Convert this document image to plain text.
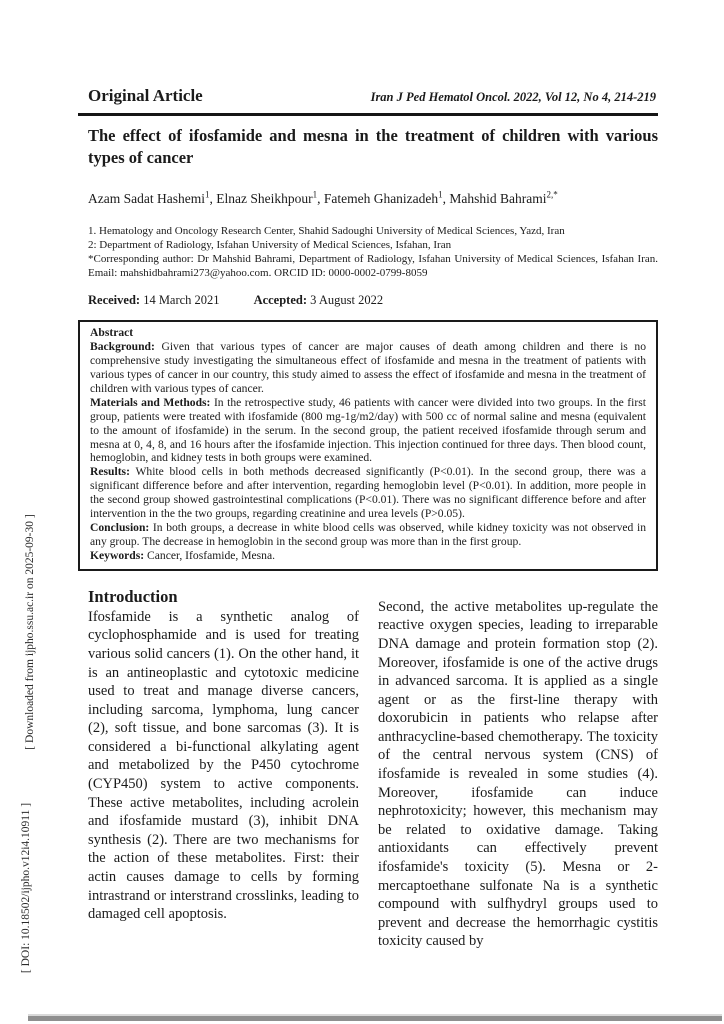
[ Downloaded from ijpho.ssu.ac.ir on 2025-09-30 ]
[ DOI: 10.18502/ijpho.v12i4.10911 ]
Original Article	Iran J Ped Hematol Oncol. 2022, Vol 12, No 4, 214-219
The effect of ifosfamide and mesna in the treatment of children with various types of cancer

Azam Sadat Hashemi$^1$, Elnaz Sheikhpour$^1$, Fatemeh Ghanizadeh$^1$, Mahshid Bahrami$^{2,*}$

1. Hematology and Oncology Research Center, Shahid Sadoughi University of Medical Sciences, Yazd, Iran

2: Department of Radiology, Isfahan University of Medical Sciences, Isfahan, Iran

*Corresponding author: Dr Mahshid Bahrami, Department of Radiology, Isfahan University of Medical Sciences, Isfahan Iran. Email: mahshidbahrami273@yahoo.com. ORCID ID: 0000-0002-0799-8059

Received: 14 March 2021	Accepted: 3 August 2022

Abstract

Background: Given that various types of cancer are major causes of death among children and there is no comprehensive study investigating the simultaneous effect of ifosfamide and mesna in the treatment of patients with various types of cancer in our country, this study aimed to assess the effect of ifosfamide and mesna in the treatment of children with various types of cancer.

Materials and Methods: In the retrospective study, 46 patients with cancer were divided into two groups. In the first group, patients were treated with ifosfamide (800 mg-1g/m2/day) with 500 cc of normal saline and mesna (equivalent to the amount of ifosfamide) in the serum. In the second group, the patient received ifosfamide through serum and mesna at 0, 4, 8, and 16 hours after the ifosfamide injection. This injection continued for three days. Then blood count, hemoglobin, and kidney tests in both groups were examined.

Results: White blood cells in both methods decreased significantly (P<0.01). In the second group, there was a significant difference before and after intervention, regarding hemoglobin level (P<0.01). In addition, more people in the second group showed gastrointestinal complications (P<0.01). There was no significant difference before and after intervention in the the two groups, regarding creatinine and urea levels (P>0.05).

Conclusion: In both groups, a decrease in white blood cells was observed, while kidney toxicity was not observed in any group. The decrease in hemoglobin in the second group was more than in the first group.

Keywords: Cancer, Ifosfamide, Mesna.

Introduction

Ifosfamide is a synthetic analog of cyclophosphamide and is used for treating various solid cancers (1). On the other hand, it is an antineoplastic and cytotoxic medicine used to treat and manage diverse cancers, including sarcoma, lymphoma, lung cancer (2), soft tissue, and bone sarcomas (3). It is considered a bi-functional alkylating agent and metabolized by the P450 cytochrome (CYP450) system to active components. These active metabolites, including acrolein and ifosfamide mustard (3), inhibit DNA synthesis (2). There are two mechanisms for the action of these metabolites. First: their actin causes damage to cells by forming intrastrand or interstrand crosslinks, leading to damaged cell apoptosis.

Second, the active metabolites up-regulate the reactive oxygen species, leading to irreparable DNA damage and protein formation stop (2). Moreover, ifosfamide is one of the active drugs in advanced sarcoma. It is applied as a single agent or as the first-line therapy with doxorubicin in patients who relapse after anthracycline-based chemotherapy. The toxicity of the central nervous system (CNS) of ifosfamide is revealed in some studies (4). Moreover, ifosfamide can induce nephrotoxicity; however, this mechanism may be related to oxidative damage. Taking antioxidants can effectively prevent ifosfamide's toxicity (5). Mesna or 2-mercaptoethane sulfonate Na is a synthetic compound with sulfhydryl groups used to prevent and decrease the hemorrhagic cystitis toxicity caused by
